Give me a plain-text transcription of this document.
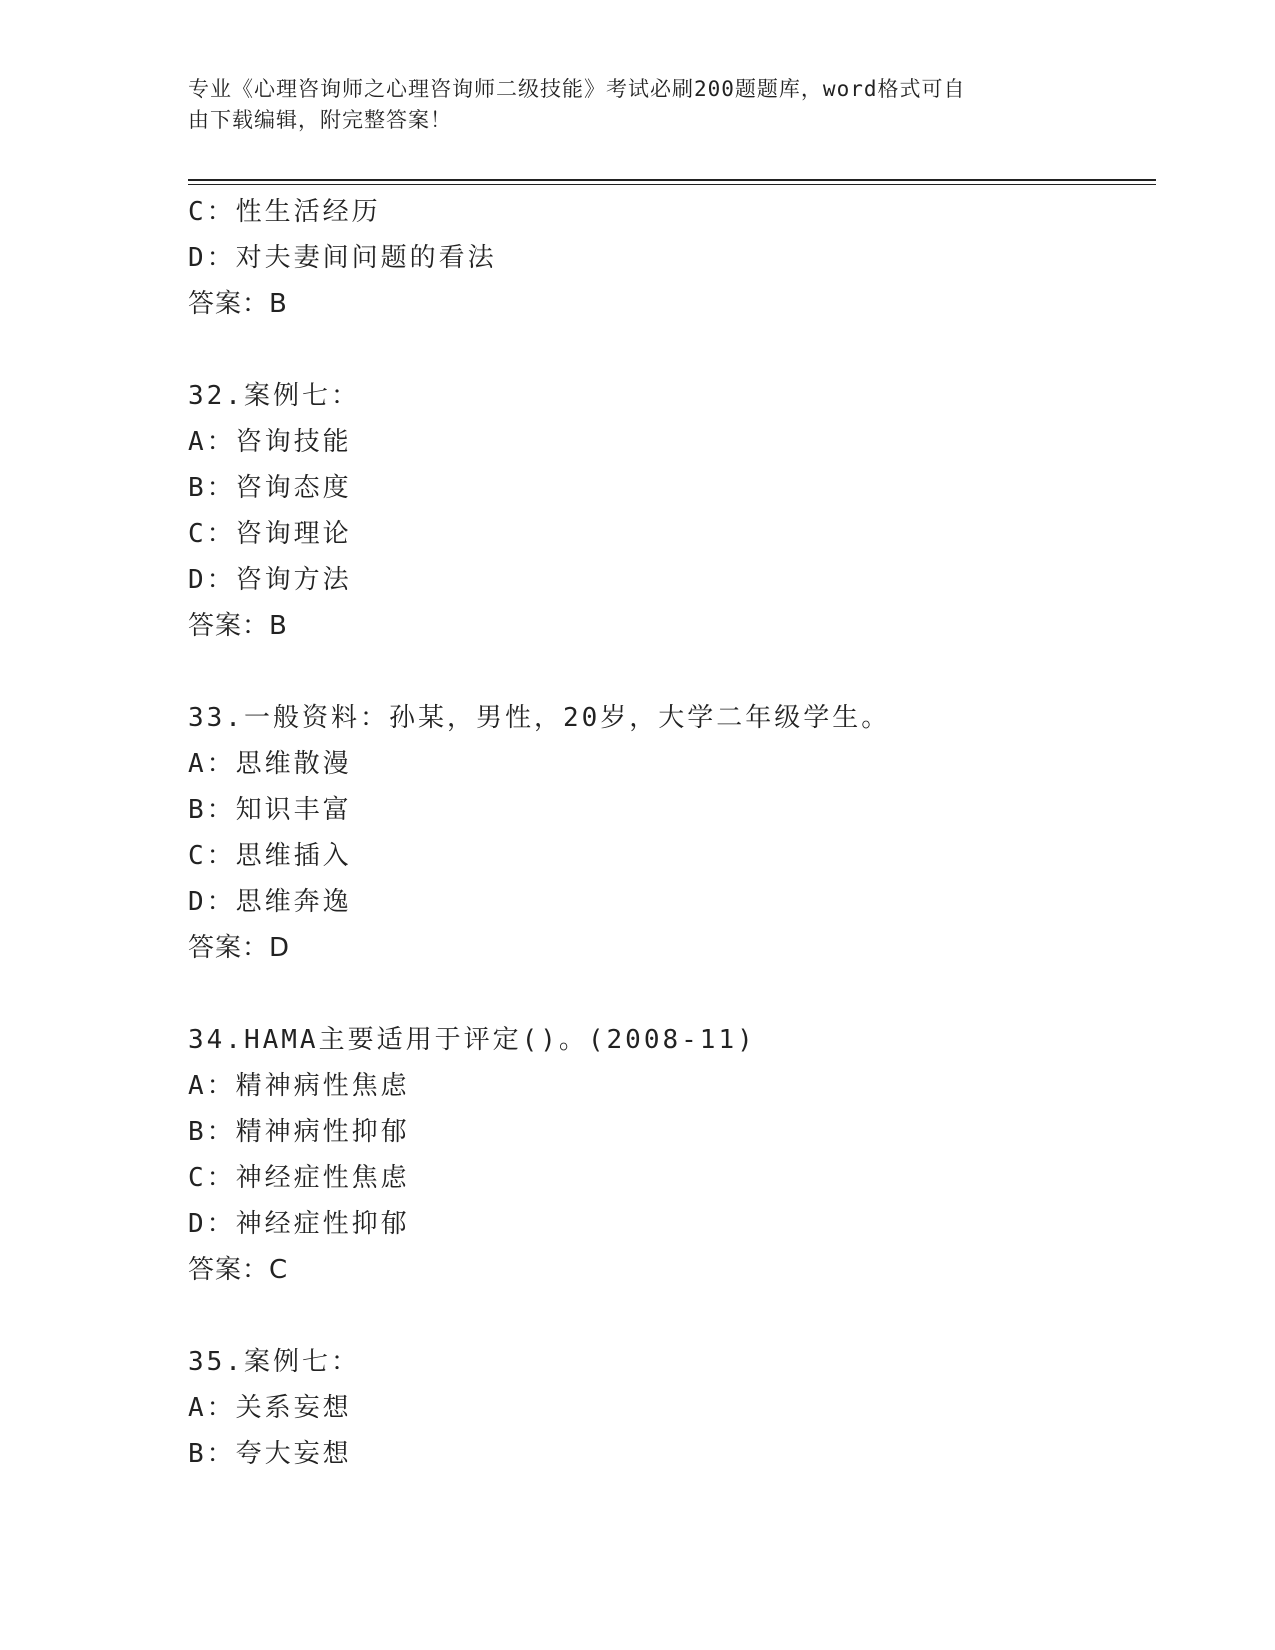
专业《心理咨询师之心理咨询师二级技能》考试必刷200题题库，word格式可自
由下载编辑，附完整答案！
C：性生活经历
D：对夫妻间问题的看法
答案：B
32.案例七：
A：咨询技能
B：咨询态度
C：咨询理论
D：咨询方法
答案：B
33.一般资料：孙某，男性，20岁，大学二年级学生。
A：思维散漫
B：知识丰富
C：思维插入
D：思维奔逸
答案：D
34.HAMA主要适用于评定()。(2008-11)
A：精神病性焦虑
B：精神病性抑郁
C：神经症性焦虑
D：神经症性抑郁
答案：C
35.案例七：
A：关系妄想
B：夸大妄想
